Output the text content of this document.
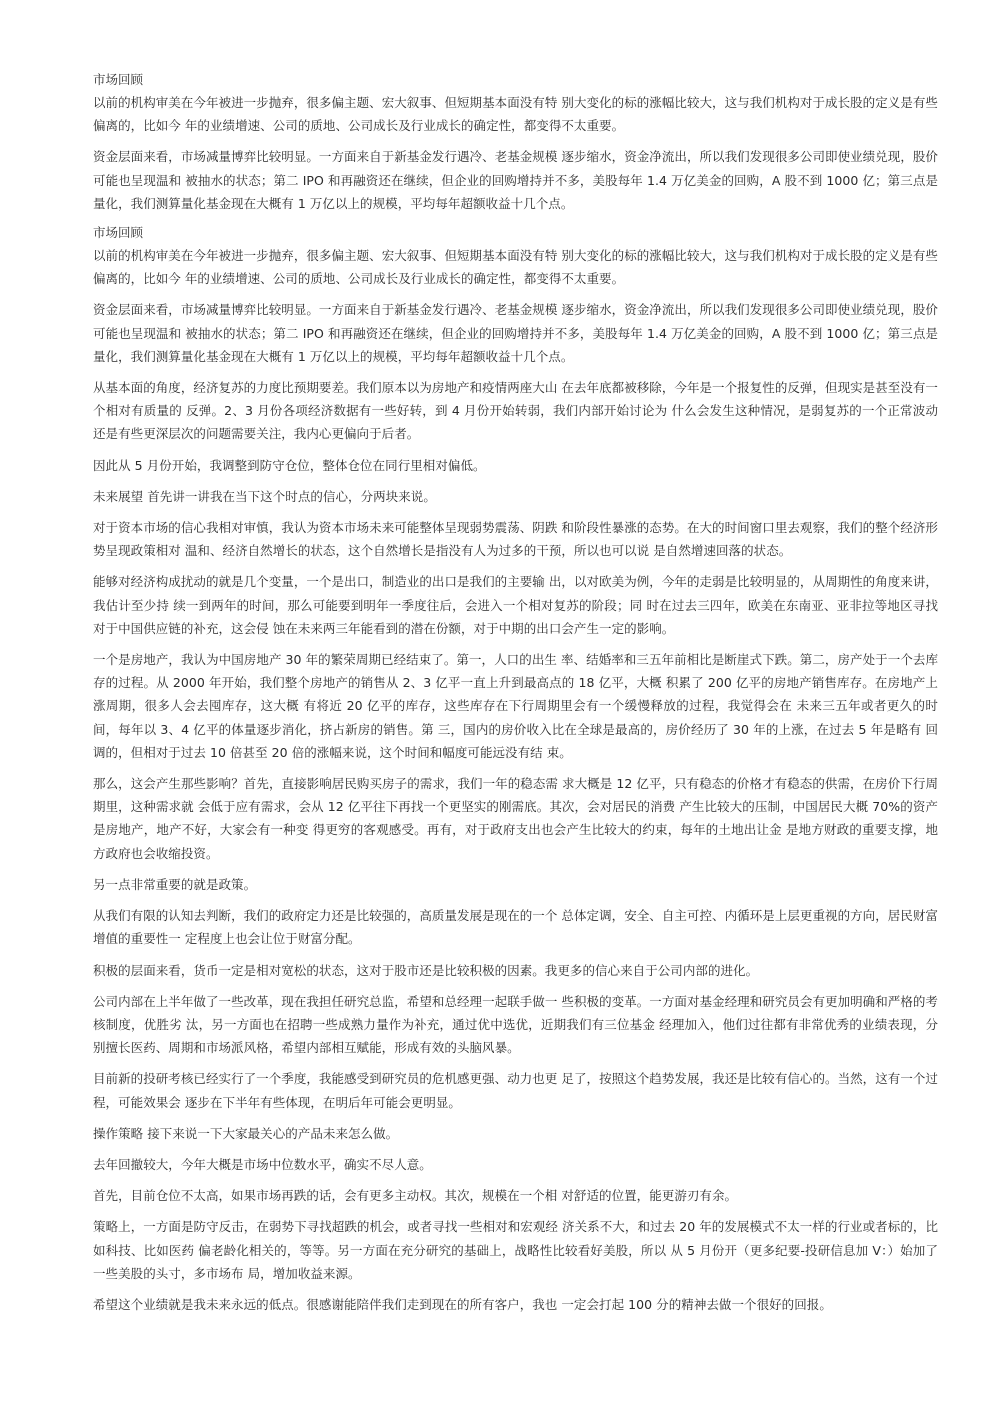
市场回顾

以前的机构审美在今年被进一步抛弃，很多偏主题、宏大叙事、但短期基本面没有特 别大变化的标的涨幅比较大，这与我们机构对于成长股的定义是有些偏离的，比如今 年的业绩增速、公司的质地、公司成长及行业成长的确定性，都变得不太重要。

资金层面来看，市场减量博弈比较明显。一方面来自于新基金发行遇冷、老基金规模 逐步缩水，资金净流出，所以我们发现很多公司即使业绩兑现，股价可能也呈现温和 被抽水的状态；第二 IPO 和再融资还在继续，但企业的回购增持并不多，美股每年 1.4 万亿美金的回购，A 股不到 1000 亿；第三点是量化，我们测算量化基金现在大概有 1 万亿以上的规模，平均每年超额收益十几个点。

市场回顾

以前的机构审美在今年被进一步抛弃，很多偏主题、宏大叙事、但短期基本面没有特 别大变化的标的涨幅比较大，这与我们机构对于成长股的定义是有些偏离的，比如今 年的业绩增速、公司的质地、公司成长及行业成长的确定性，都变得不太重要。

资金层面来看，市场减量博弈比较明显。一方面来自于新基金发行遇冷、老基金规模 逐步缩水，资金净流出，所以我们发现很多公司即使业绩兑现，股价可能也呈现温和 被抽水的状态；第二 IPO 和再融资还在继续，但企业的回购增持并不多，美股每年 1.4 万亿美金的回购，A 股不到 1000 亿；第三点是量化，我们测算量化基金现在大概有 1 万亿以上的规模，平均每年超额收益十几个点。

从基本面的角度，经济复苏的力度比预期要差。我们原本以为房地产和疫情两座大山 在去年底都被移除，今年是一个报复性的反弹，但现实是甚至没有一个相对有质量的 反弹。2、3 月份各项经济数据有一些好转，到 4 月份开始转弱，我们内部开始讨论为 什么会发生这种情况，是弱复苏的一个正常波动还是有些更深层次的问题需要关注，我内心更偏向于后者。

因此从 5 月份开始，我调整到防守仓位，整体仓位在同行里相对偏低。

未来展望 首先讲一讲我在当下这个时点的信心，分两块来说。

对于资本市场的信心我相对审慎，我认为资本市场未来可能整体呈现弱势震荡、阴跌 和阶段性暴涨的态势。在大的时间窗口里去观察，我们的整个经济形势呈现政策相对 温和、经济自然增长的状态，这个自然增长是指没有人为过多的干预，所以也可以说 是自然增速回落的状态。

能够对经济构成扰动的就是几个变量，一个是出口，制造业的出口是我们的主要输 出，以对欧美为例，今年的走弱是比较明显的，从周期性的角度来讲，我估计至少持 续一到两年的时间，那么可能要到明年一季度往后，会进入一个相对复苏的阶段；同 时在过去三四年，欧美在东南亚、亚非拉等地区寻找对于中国供应链的补充，这会侵 蚀在未来两三年能看到的潜在份额，对于中期的出口会产生一定的影响。

一个是房地产，我认为中国房地产 30 年的繁荣周期已经结束了。第一，人口的出生 率、结婚率和三五年前相比是断崖式下跌。第二，房产处于一个去库存的过程。从 2000 年开始，我们整个房地产的销售从 2、3 亿平一直上升到最高点的 18 亿平，大概 积累了 200 亿平的房地产销售库存。在房地产上涨周期，很多人会去囤库存，这大概 有将近 20 亿平的库存，这些库存在下行周期里会有一个缓慢释放的过程，我觉得会在 未来三五年或者更久的时间，每年以 3、4 亿平的体量逐步消化，挤占新房的销售。第 三，国内的房价收入比在全球是最高的，房价经历了 30 年的上涨，在过去 5 年是略有 回调的，但相对于过去 10 倍甚至 20 倍的涨幅来说，这个时间和幅度可能远没有结 束。

那么，这会产生那些影响？首先，直接影响居民购买房子的需求，我们一年的稳态需 求大概是 12 亿平，只有稳态的价格才有稳态的供需，在房价下行周期里，这种需求就 会低于应有需求，会从 12 亿平往下再找一个更坚实的刚需底。其次，会对居民的消费 产生比较大的压制，中国居民大概 70%的资产是房地产，地产不好，大家会有一种变 得更穷的客观感受。再有，对于政府支出也会产生比较大的约束，每年的土地出让金 是地方财政的重要支撑，地方政府也会收缩投资。

另一点非常重要的就是政策。

从我们有限的认知去判断，我们的政府定力还是比较强的，高质量发展是现在的一个 总体定调，安全、自主可控、内循环是上层更重视的方向，居民财富增值的重要性一 定程度上也会让位于财富分配。

积极的层面来看，货币一定是相对宽松的状态，这对于股市还是比较积极的因素。我更多的信心来自于公司内部的进化。

公司内部在上半年做了一些改革，现在我担任研究总监，希望和总经理一起联手做一 些积极的变革。一方面对基金经理和研究员会有更加明确和严格的考核制度，优胜劣 汰，另一方面也在招聘一些成熟力量作为补充，通过优中选优，近期我们有三位基金 经理加入，他们过往都有非常优秀的业绩表现，分别擅长医药、周期和市场派风格，希望内部相互赋能，形成有效的头脑风暴。

目前新的投研考核已经实行了一个季度，我能感受到研究员的危机感更强、动力也更 足了，按照这个趋势发展，我还是比较有信心的。当然，这有一个过程，可能效果会 逐步在下半年有些体现，在明后年可能会更明显。

操作策略 接下来说一下大家最关心的产品未来怎么做。

去年回撤较大，今年大概是市场中位数水平，确实不尽人意。

首先，目前仓位不太高，如果市场再跌的话，会有更多主动权。其次，规模在一个相 对舒适的位置，能更游刃有余。

策略上，一方面是防守反击，在弱势下寻找超跌的机会，或者寻找一些相对和宏观经 济关系不大，和过去 20 年的发展模式不太一样的行业或者标的，比如科技、比如医药 偏老龄化相关的，等等。另一方面在充分研究的基础上，战略性比较看好美股，所以 从 5 月份开（更多纪要-投研信息加 V：）始加了一些美股的头寸，多市场布 局，增加收益来源。

希望这个业绩就是我未来永远的低点。很感谢能陪伴我们走到现在的所有客户，我也 一定会打起 100 分的精神去做一个很好的回报。
